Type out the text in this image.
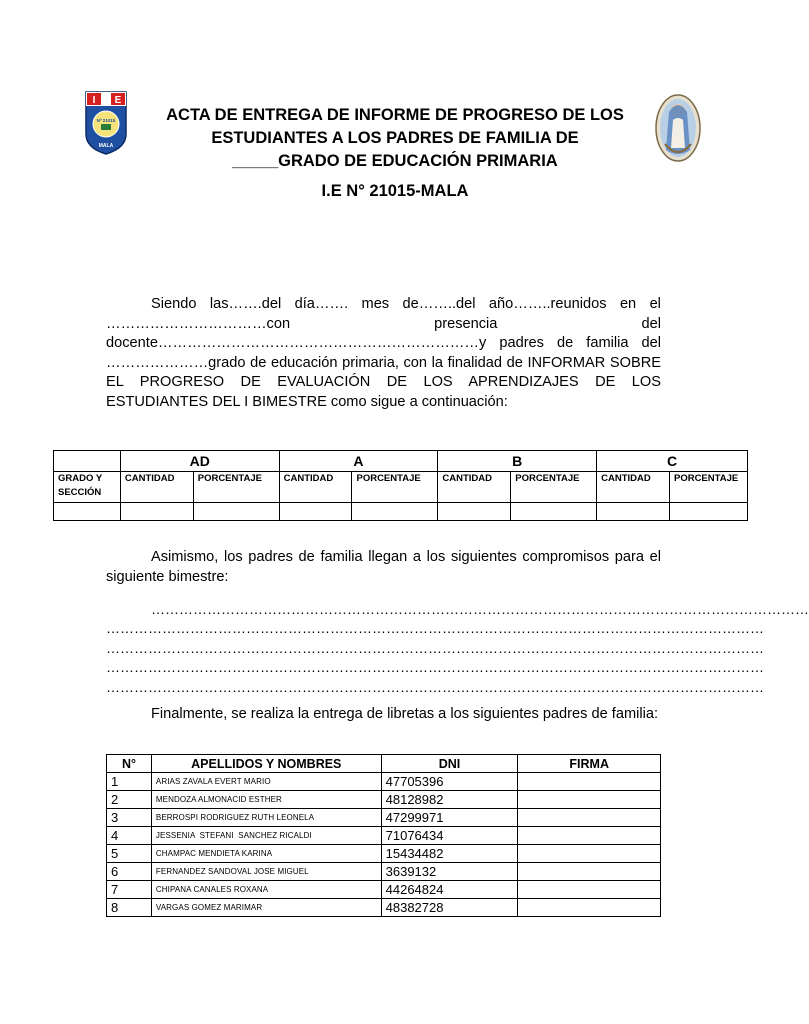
I E
Nº 21015
MALA
ACTA DE ENTREGA DE INFORME DE PROGRESO DE LOS
ESTUDIANTES A LOS PADRES DE FAMILIA DE
_____GRADO DE EDUCACIÓN PRIMARIA
I.E N° 21015-MALA
Siendo las…….del día……. mes de……..del año……..reunidos en el
……………………………con	presencia	del
docente…………………………………………………………y padres de familia del
…………………grado de educación primaria, con la finalidad de INFORMAR SOBRE EL PROGRESO DE EVALUACIÓN DE LOS APRENDIZAJES DE LOS ESTUDIANTES DEL I BIMESTRE como sigue a continuación:
	AD		A		B		C	
GRADO Y SECCIÓN	CANTIDAD	PORCENTAJE	CANTIDAD	PORCENTAJE	CANTIDAD	PORCENTAJE	CANTIDAD	PORCENTAJE

Asimismo, los padres de familia llegan a los siguientes compromisos para el siguiente bimestre:
……………………………………………………………………………………………………………………………
……………………………………………………………………………………………………………………………
……………………………………………………………………………………………………………………………
……………………………………………………………………………………………………………………………
……………………………………………………………………………………………………………………………
Finalmente, se realiza la entrega de libretas a los siguientes padres de familia:
N°	APELLIDOS Y NOMBRES	DNI	FIRMA
1	ARIAS ZAVALA EVERT MARIO	47705396	
2	MENDOZA ALMONACID ESTHER	48128982	
3	BERROSPI RODRIGUEZ RUTH LEONELA	47299971	
4	JESSENIA  STEFANI  SANCHEZ RICALDI	71076434	
5	CHAMPAC MENDIETA KARINA	15434482	
6	FERNANDEZ SANDOVAL JOSE MIGUEL	3639132	
7	CHIPANA CANALES ROXANA	44264824	
8	VARGAS GOMEZ MARIMAR	48382728	
